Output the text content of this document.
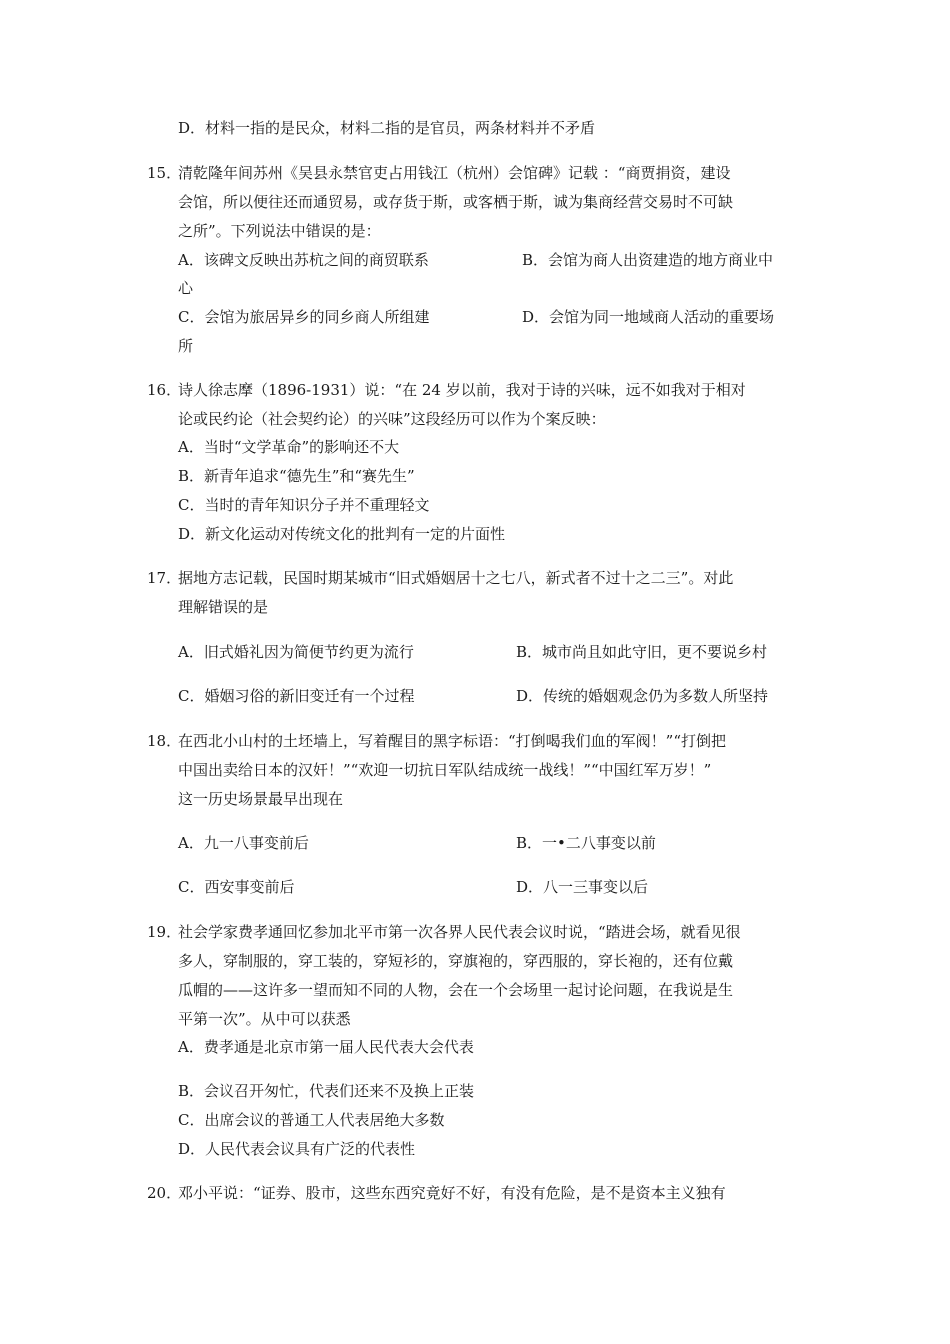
D．材料一指的是民众，材料二指的是官员，两条材料并不矛盾
15．
清乾隆年间苏州《吴县永禁官吏占用钱江（杭州）会馆碑》记载 ：“商贾捐资，建设
会馆，所以便往还而通贸易，或存货于斯，或客栖于斯，诚为集商经营交易时不可缺
之所”。下列说法中错误的是：
A．该碑文反映出苏杭之间的商贸联系	B．会馆为商人出资建造的地方商业中
心
C．会馆为旅居异乡的同乡商人所组建	D．会馆为同一地域商人活动的重要场
所
16．
诗人徐志摩（1896-1931）说：“在 24 岁以前，我对于诗的兴味，远不如我对于相对
论或民约论（社会契约论）的兴味”这段经历可以作为个案反映：
A．当时“文学革命”的影响还不大
B．新青年追求“德先生”和“赛先生”
C．当时的青年知识分子并不重理轻文
D．新文化运动对传统文化的批判有一定的片面性
17．
据地方志记载，民国时期某城市“旧式婚姻居十之七八，新式者不过十之二三”。对此
理解错误的是
A．旧式婚礼因为简便节约更为流行	B．城市尚且如此守旧，更不要说乡村
C．婚姻习俗的新旧变迁有一个过程	D．传统的婚姻观念仍为多数人所坚持
18．
在西北小山村的土坯墙上，写着醒目的黑字标语：“打倒喝我们血的军阀！”“打倒把
中国出卖给日本的汉奸！”“欢迎一切抗日军队结成统一战线！”“中国红军万岁！”
这一历史场景最早出现在
A．九一八事变前后	B．一•二八事变以前
C．西安事变前后	D．八一三事变以后
19．
社会学家费孝通回忆参加北平市第一次各界人民代表会议时说，“踏进会场，就看见很
多人，穿制服的，穿工装的，穿短衫的，穿旗袍的，穿西服的，穿长袍的，还有位戴
瓜帽的——这许多一望而知不同的人物，会在一个会场里一起讨论问题，在我说是生
平第一次”。从中可以获悉
A．费孝通是北京市第一届人民代表大会代表
B．会议召开匆忙，代表们还来不及换上正装
C．出席会议的普通工人代表居绝大多数
D．人民代表会议具有广泛的代表性
20．
邓小平说：“证券、股市，这些东西究竟好不好，有没有危险，是不是资本主义独有
